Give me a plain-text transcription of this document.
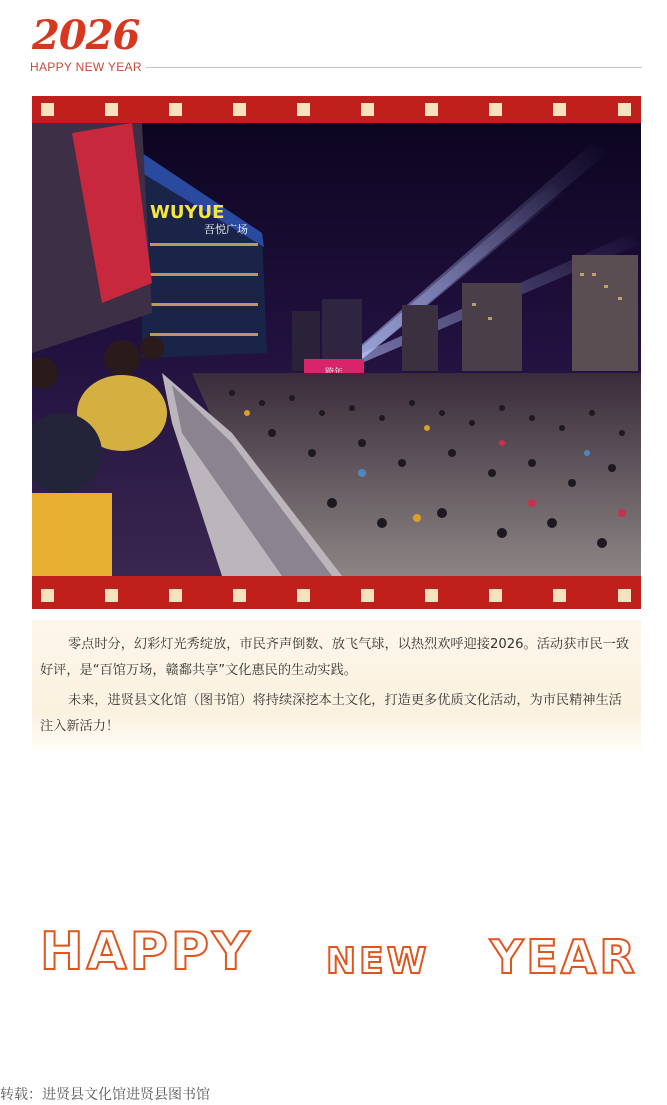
2026
HAPPY NEW YEAR
WUYUE
吾悦广场

零点时分，幻彩灯光秀绽放，市民齐声倒数、放飞气球，以热烈欢呼迎接2026。活动获市民一致好评，是“百馆万场，赣鄱共享”文化惠民的生动实践。

未来，进贤县文化馆（图书馆）将持续深挖本土文化，打造更多优质文化活动，为市民精神生活注入新活力！

HAPPY NEW YEAR
转载：进贤县文化馆进贤县图书馆
